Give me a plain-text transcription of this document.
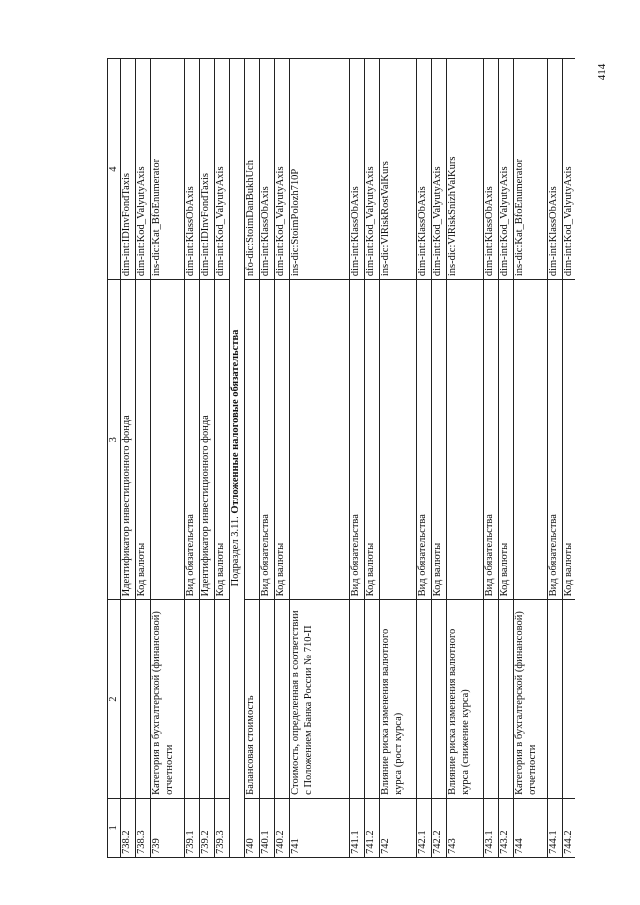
414
1	2	3	4
738.2		Идентификатор инвестиционного фонда	dim-int:IDInvFondTaxis
738.3		Код валюты	dim-int:Kod_ValyutyAxis
739	Категория в бухгалтерской (финансовой) отчетности		ins-dic:Kat_BfoEnumerator
739.1		Вид обязательства	dim-int:KlassObAxis
739.2		Идентификатор инвестиционного фонда	dim-int:IDInvFondTaxis
739.3		Код валюты	dim-int:Kod_ValyutyAxis
Подраздел 3.11. Отложенные налоговые обязательства			
740	Балансовая стоимость		nfo-dic:StoimDanBukhUch
740.1		Вид обязательства	dim-int:KlassObAxis
740.2		Код валюты	dim-int:Kod_ValyutyAxis
741	Стоимость, определенная в соответствии с Положением Банка России № 710-П		ins-dic:StoimPolozh710P
741.1		Вид обязательства	dim-int:KlassObAxis
741.2		Код валюты	dim-int:Kod_ValyutyAxis
742	Влияние риска изменения валютного курса (рост курса)		ins-dic:VlRiskRostValKurs
742.1		Вид обязательства	dim-int:KlassObAxis
742.2		Код валюты	dim-int:Kod_ValyutyAxis
743	Влияние риска изменения валютного курса (снижение курса)		ins-dic:VlRiskSnizhValKurs
743.1		Вид обязательства	dim-int:KlassObAxis
743.2		Код валюты	dim-int:Kod_ValyutyAxis
744	Категория в бухгалтерской (финансовой) отчетности		ins-dic:Kat_BfoEnumerator
744.1		Вид обязательства	dim-int:KlassObAxis
744.2		Код валюты	dim-int:Kod_ValyutyAxis
